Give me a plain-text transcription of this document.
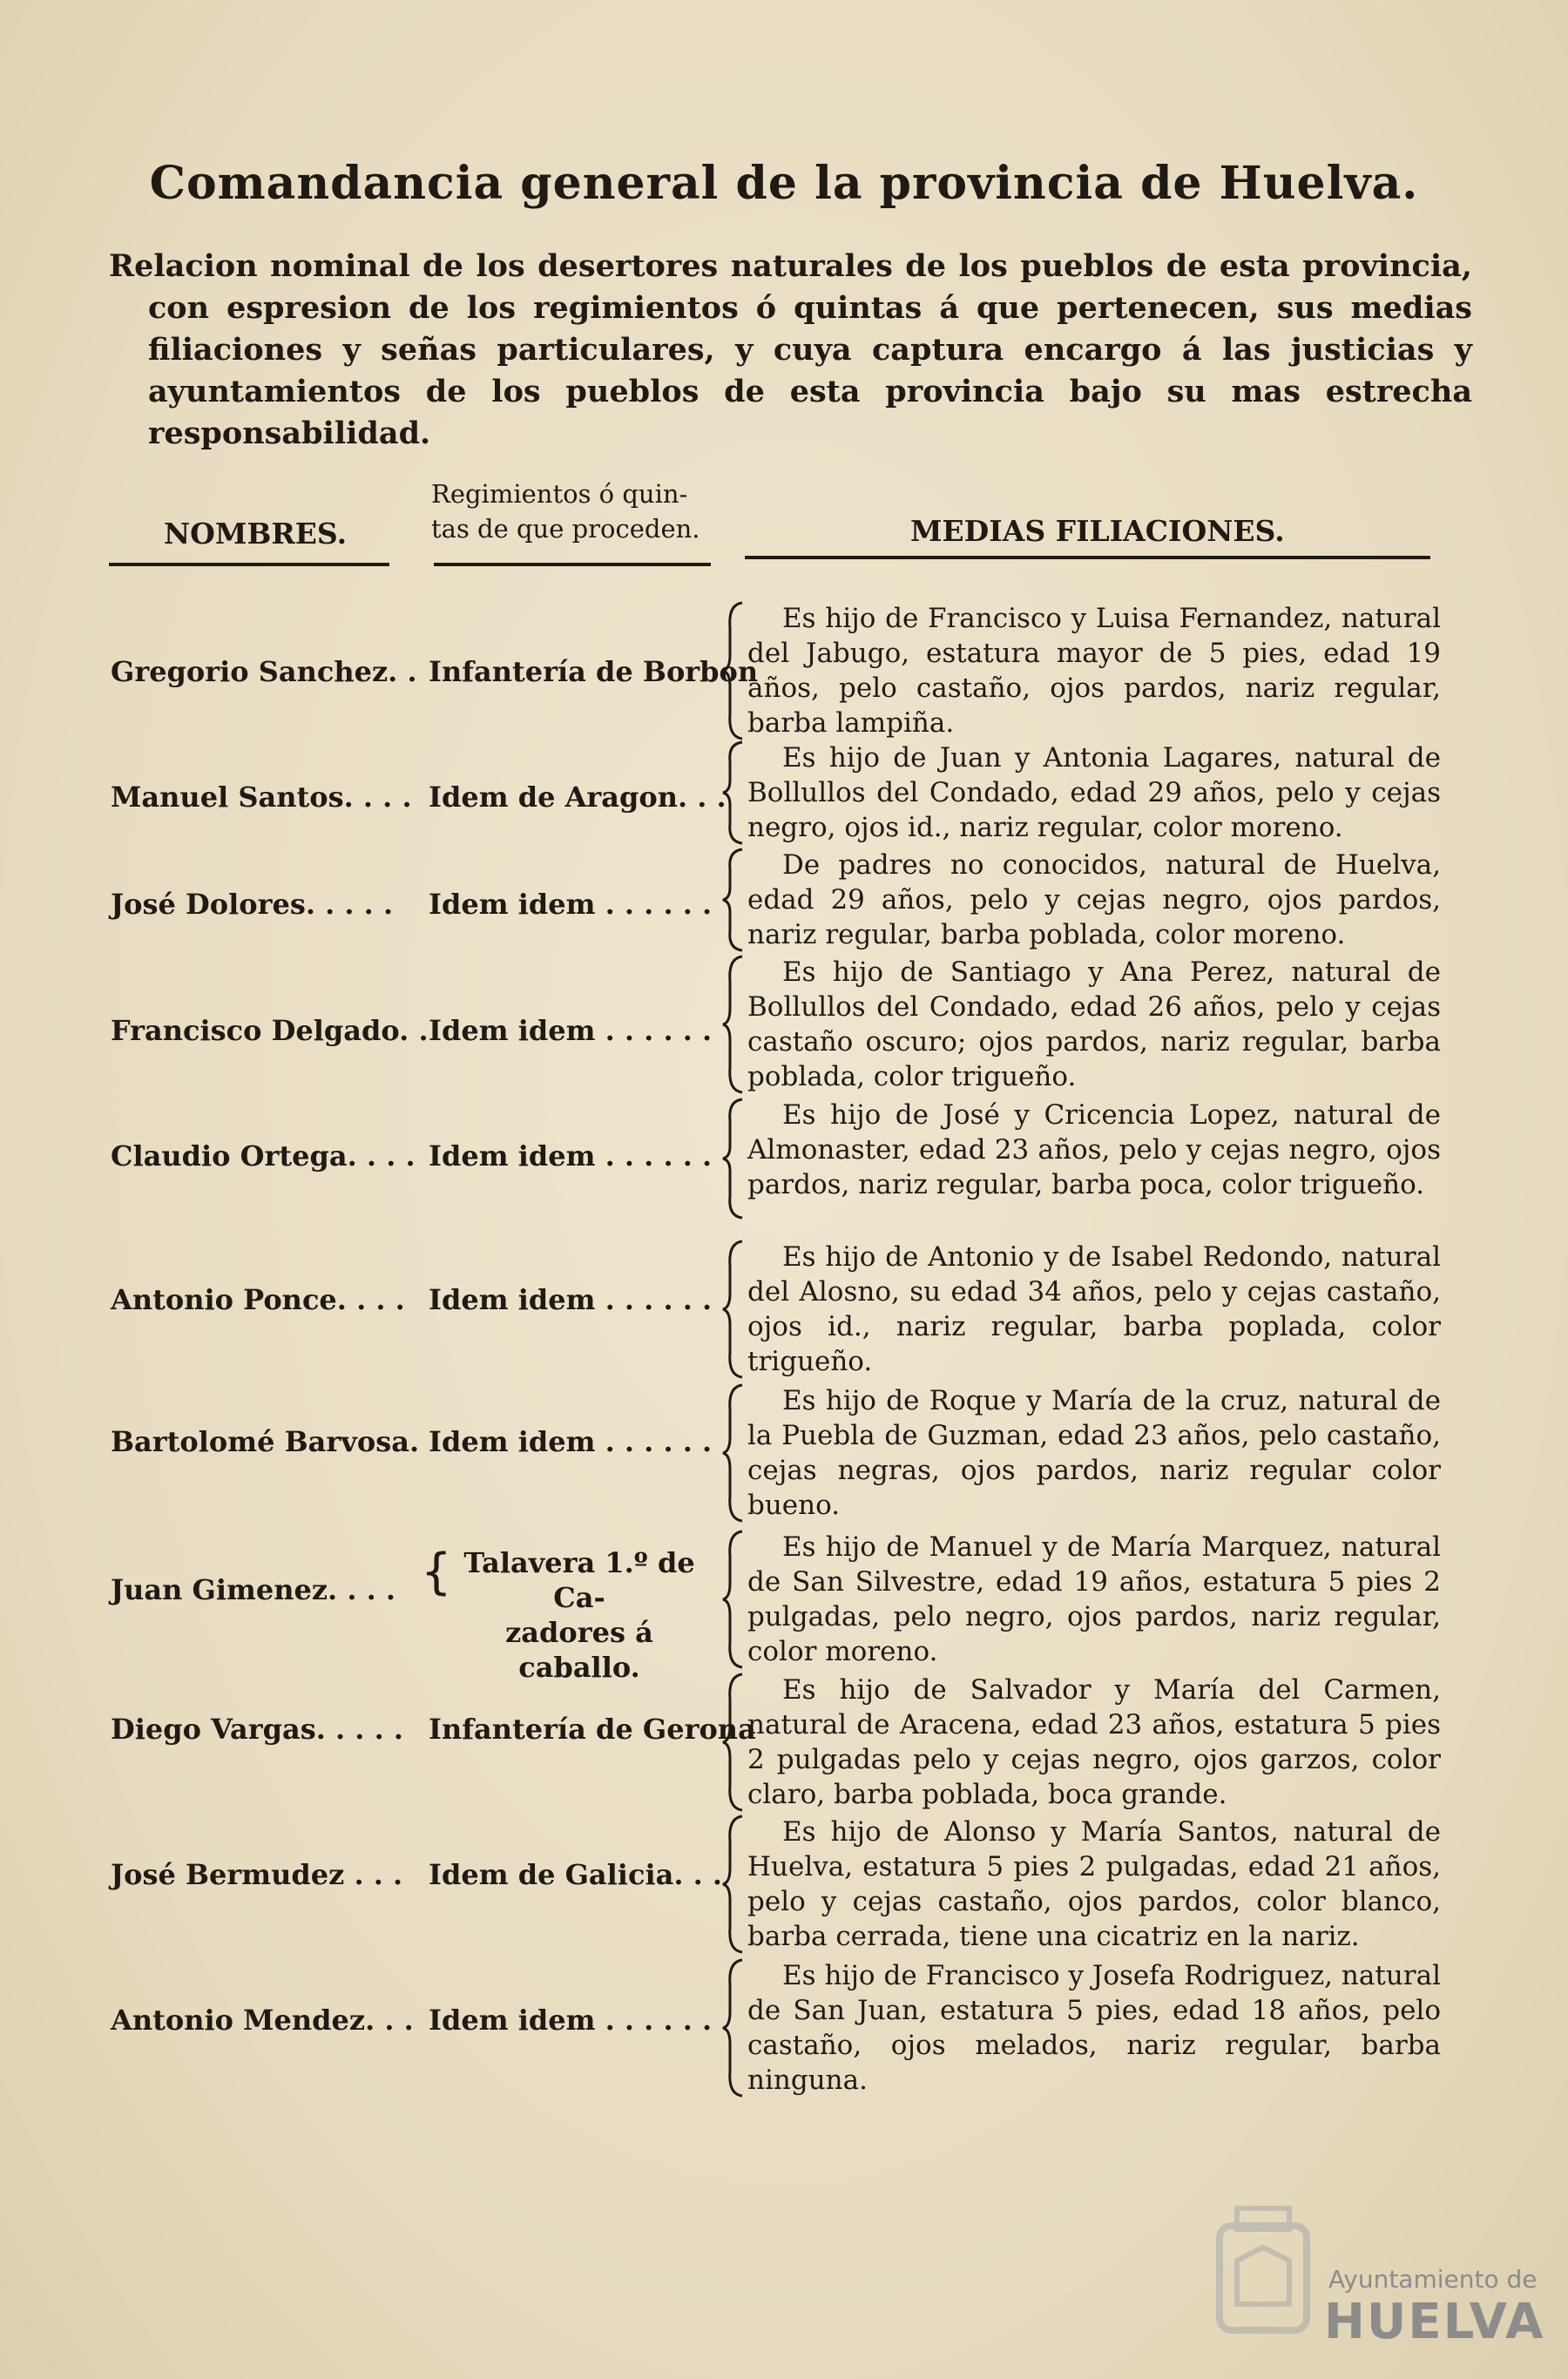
Comandancia general de la provincia de Huelva.
Relacion nominal de los desertores naturales de los pueblos de esta provincia, con espresion de los regimientos ó quintas á que pertenecen, sus medias filiaciones y señas particulares, y cuya captura encargo á las justicias y ayuntamientos de los pueblos de esta provincia bajo su mas estrecha responsabilidad.
NOMBRES.
Regimientos ó quin-
tas de que proceden.	MEDIAS FILIACIONES.
Gregorio Sanchez. . Infantería de Borbon
Es hijo de Francisco y Luisa Fernandez, natural del Jabugo, estatura mayor de 5 pies, edad 19 años, pelo castaño, ojos pardos, nariz regular, barba lampiña.
Manuel Santos. . . . Idem de Aragon. . .
Es hijo de Juan y Antonia Lagares, natural de Bollullos del Condado, edad 29 años, pelo y cejas negro, ojos id., nariz regular, color moreno.
José Dolores. . . . .	Idem idem . . . . . .
De padres no conocidos, natural de Huelva, edad 29 años, pelo y cejas negro, ojos pardos, nariz regular, barba poblada, color moreno.
Francisco Delgado. . Idem idem . . . . . .
Es hijo de Santiago y Ana Perez, natural de Bollullos del Condado, edad 26 años, pelo y cejas castaño oscuro; ojos pardos, nariz regular, barba poblada, color trigueño.
Claudio Ortega. . . . Idem idem . . . . . .
Es hijo de José y Cricencia Lopez, natural de Almonaster, edad 23 años, pelo y cejas negro, ojos pardos, nariz regular, barba poca, color trigueño.
Antonio Ponce. . . . Idem idem . . . . . .
Es hijo de Antonio y de Isabel Redondo, natural del Alosno, su edad 34 años, pelo y cejas castaño, ojos id., nariz regular, barba poplada, color trigueño.
Bartolomé Barvosa. Idem idem . . . . . .
Es hijo de Roque y María de la cruz, natural de la Puebla de Guzman, edad 23 años, pelo castaño, cejas negras, ojos pardos, nariz regular color bueno.
Juan Gimenez. . . . { Talavera 1.º de Ca-
zadores á caballo.
Es hijo de Manuel y de María Marquez, natural de San Silvestre, edad 19 años, estatura 5 pies 2 pulgadas, pelo negro, ojos pardos, nariz regular, color moreno.
Diego Vargas. . . . . Infantería de Gerona
Es hijo de Salvador y María del Carmen, natural de Aracena, edad 23 años, estatura 5 pies 2 pulgadas pelo y cejas negro, ojos garzos, color claro, barba poblada, boca grande.
José Bermudez . . . Idem de Galicia. . .
Es hijo de Alonso y María Santos, natural de Huelva, estatura 5 pies 2 pulgadas, edad 21 años, pelo y cejas castaño, ojos pardos, color blanco, barba cerrada, tiene una cicatriz en la nariz.
Antonio Mendez. . . Idem idem . . . . . .
Es hijo de Francisco y Josefa Rodriguez, natural de San Juan, estatura 5 pies, edad 18 años, pelo castaño, ojos melados, nariz regular, barba ninguna.
Ayuntamiento de
HUELVA
